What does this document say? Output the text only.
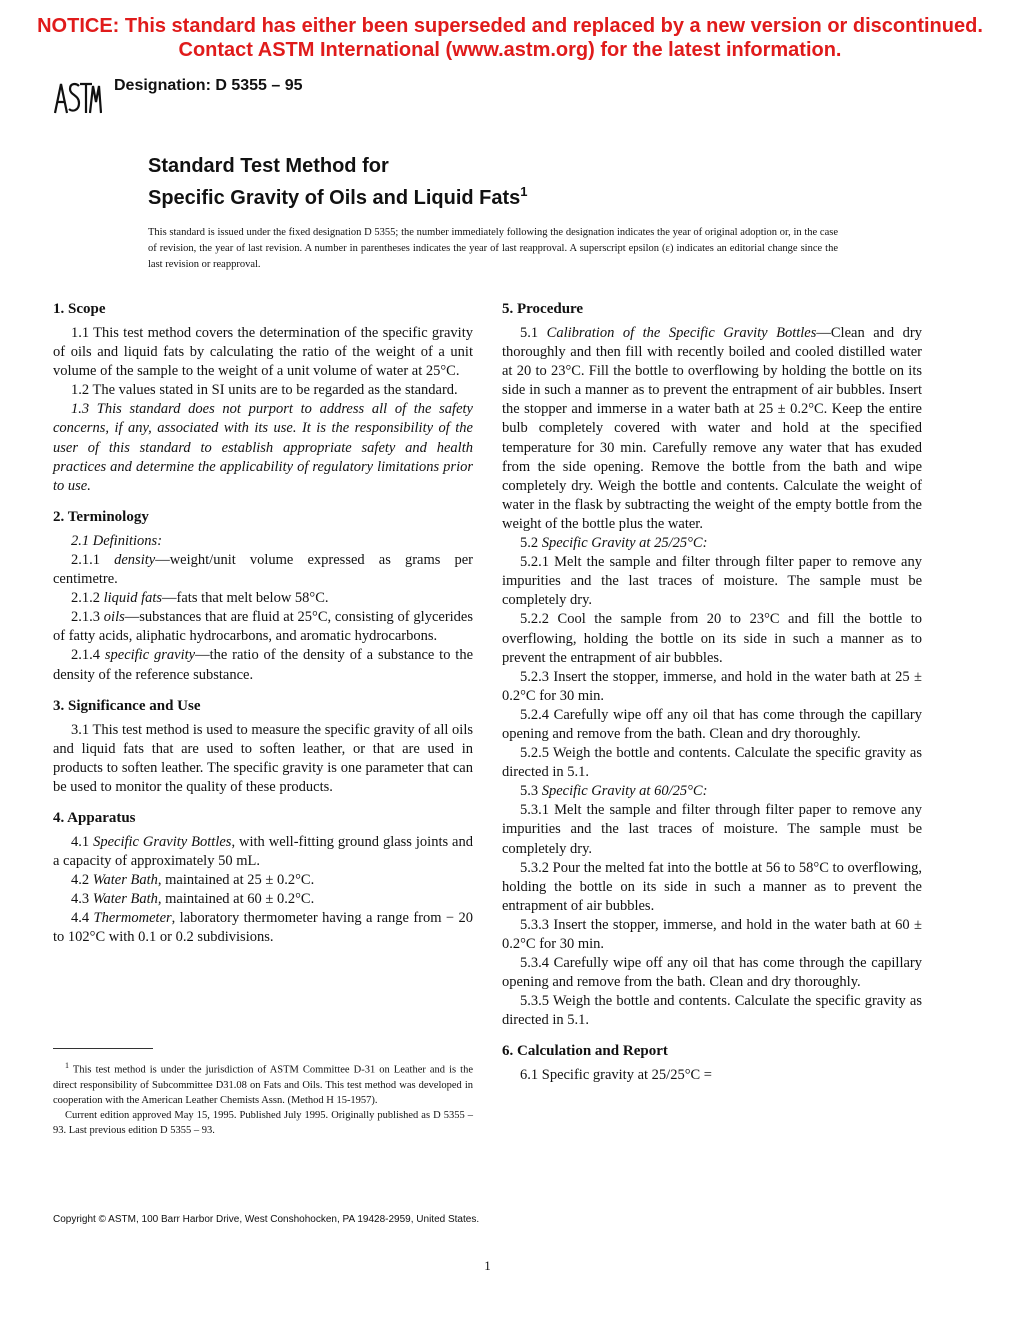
NOTICE: This standard has either been superseded and replaced by a new version or discontinued.
Contact ASTM International (www.astm.org) for the latest information.
Designation: D 5355 – 95
Standard Test Method for
Specific Gravity of Oils and Liquid Fats$^1$

This standard is issued under the fixed designation D 5355; the number immediately following the designation indicates the year of original adoption or, in the case of revision, the year of last revision. A number in parentheses indicates the year of last reapproval. A superscript epsilon (ε) indicates an editorial change since the last revision or reapproval.

1. Scope

1.1 This test method covers the determination of the specific gravity of oils and liquid fats by calculating the ratio of the weight of a unit volume of the sample to the weight of a unit volume of water at 25°C.

1.2 The values stated in SI units are to be regarded as the standard.

1.3 This standard does not purport to address all of the safety concerns, if any, associated with its use. It is the responsibility of the user of this standard to establish appropriate safety and health practices and determine the applicability of regulatory limitations prior to use.

2. Terminology

2.1 Definitions:

2.1.1 density—weight/unit volume expressed as grams per centimetre.

2.1.2 liquid fats—fats that melt below 58°C.

2.1.3 oils—substances that are fluid at 25°C, consisting of glycerides of fatty acids, aliphatic hydrocarbons, and aromatic hydrocarbons.

2.1.4 specific gravity—the ratio of the density of a substance to the density of the reference substance.

3. Significance and Use

3.1 This test method is used to measure the specific gravity of all oils and liquid fats that are used to soften leather, or that are used in products to soften leather. The specific gravity is one parameter that can be used to monitor the quality of these products.

4. Apparatus

4.1 Specific Gravity Bottles, with well-fitting ground glass joints and a capacity of approximately 50 mL.

4.2 Water Bath, maintained at 25 ± 0.2°C.

4.3 Water Bath, maintained at 60 ± 0.2°C.

4.4 Thermometer, laboratory thermometer having a range from − 20 to 102°C with 0.1 or 0.2 subdivisions.

$^1$ This test method is under the jurisdiction of ASTM Committee D-31 on Leather and is the direct responsibility of Subcommittee D31.08 on Fats and Oils. This test method was developed in cooperation with the American Leather Chemists Assn. (Method H 15-1957).

Current edition approved May 15, 1995. Published July 1995. Originally published as D 5355 – 93. Last previous edition D 5355 – 93.

5. Procedure

5.1 Calibration of the Specific Gravity Bottles—Clean and dry thoroughly and then fill with recently boiled and cooled distilled water at 20 to 23°C. Fill the bottle to overflowing by holding the bottle on its side in such a manner as to prevent the entrapment of air bubbles. Insert the stopper and immerse in a water bath at 25 ± 0.2°C. Keep the entire bulb completely covered with water and hold at the specified temperature for 30 min. Carefully remove any water that has exuded from the side opening. Remove the bottle from the bath and wipe completely dry. Weigh the bottle and contents. Calculate the weight of water in the flask by subtracting the weight of the empty bottle from the weight of the bottle plus the water.

5.2 Specific Gravity at 25/25°C:

5.2.1 Melt the sample and filter through filter paper to remove any impurities and the last traces of moisture. The sample must be completely dry.

5.2.2 Cool the sample from 20 to 23°C and fill the bottle to overflowing, holding the bottle on its side in such a manner as to prevent the entrapment of air bubbles.

5.2.3 Insert the stopper, immerse, and hold in the water bath at 25 ± 0.2°C for 30 min.

5.2.4 Carefully wipe off any oil that has come through the capillary opening and remove from the bath. Clean and dry thoroughly.

5.2.5 Weigh the bottle and contents. Calculate the specific gravity as directed in 5.1.

5.3 Specific Gravity at 60/25°C:

5.3.1 Melt the sample and filter through filter paper to remove any impurities and the last traces of moisture. The sample must be completely dry.

5.3.2 Pour the melted fat into the bottle at 56 to 58°C to overflowing, holding the bottle on its side in such a manner as to prevent the entrapment of air bubbles.

5.3.3 Insert the stopper, immerse, and hold in the water bath at 60 ± 0.2°C for 30 min.

5.3.4 Carefully wipe off any oil that has come through the capillary opening and remove from the bath. Clean and dry thoroughly.

5.3.5 Weigh the bottle and contents. Calculate the specific gravity as directed in 5.1.

6. Calculation and Report

6.1 Specific gravity at 25/25°C =

Copyright © ASTM, 100 Barr Harbor Drive, West Conshohocken, PA 19428-2959, United States.
1
